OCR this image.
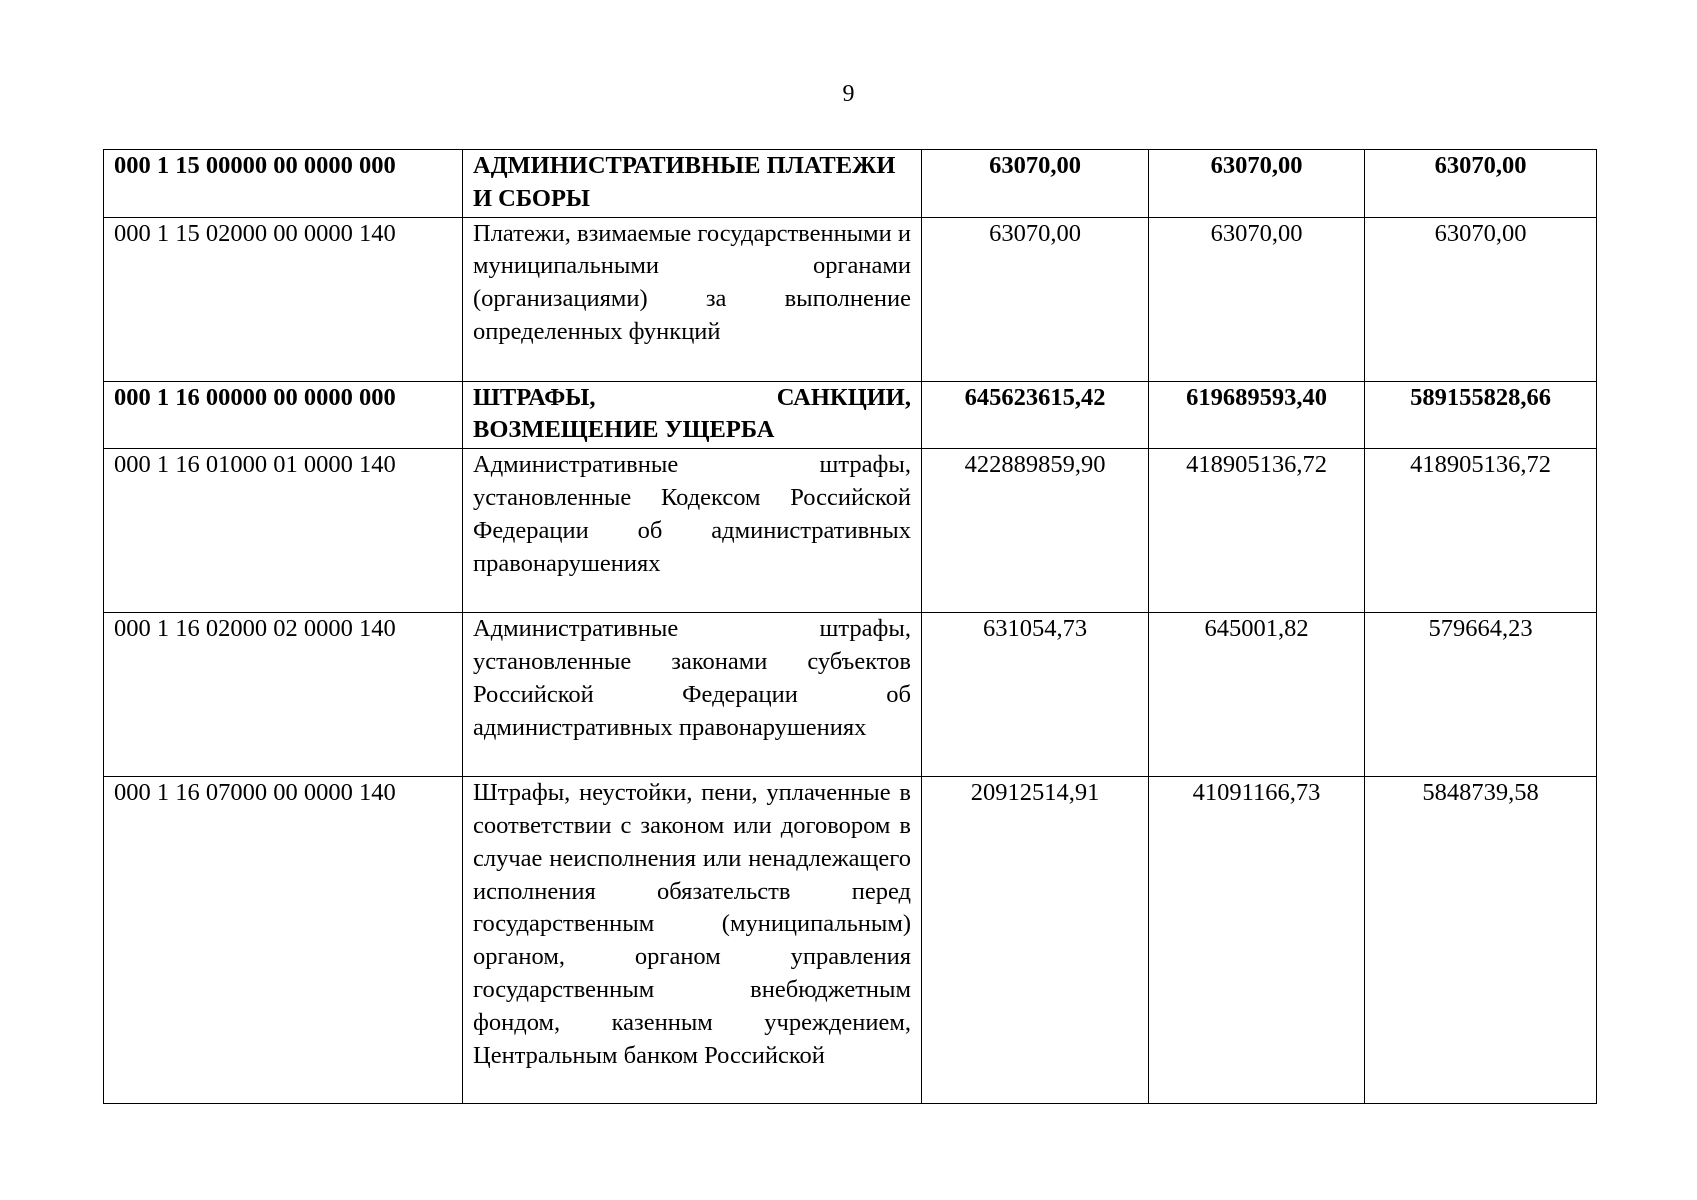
9
000 1 15 00000 00 0000 000	АДМИНИСТРАТИВНЫЕ ПЛАТЕЖИ И СБОРЫ	63070,00	63070,00	63070,00
000 1 15 02000 00 0000 140	Платежи, взимаемые государственными и муниципальными органами (организациями) за выполнение определенных функций	63070,00	63070,00	63070,00
000 1 16 00000 00 0000 000	ШТРАФЫ, САНКЦИИ, ВОЗМЕЩЕНИЕ УЩЕРБА	645623615,42	619689593,40	589155828,66
000 1 16 01000 01 0000 140	Административные штрафы, установленные Кодексом Российской Федерации об административных правонарушениях	422889859,90	418905136,72	418905136,72
000 1 16 02000 02 0000 140	Административные штрафы, установленные законами субъектов Российской Федерации об административных правонарушениях	631054,73	645001,82	579664,23
000 1 16 07000 00 0000 140	Штрафы, неустойки, пени, уплаченные в соответствии с законом или договором в случае неисполнения или ненадлежащего исполнения обязательств перед государственным (муниципальным) органом, органом управления государственным внебюджетным фондом, казенным учреждением, Центральным банком Российской	20912514,91	41091166,73	5848739,58
